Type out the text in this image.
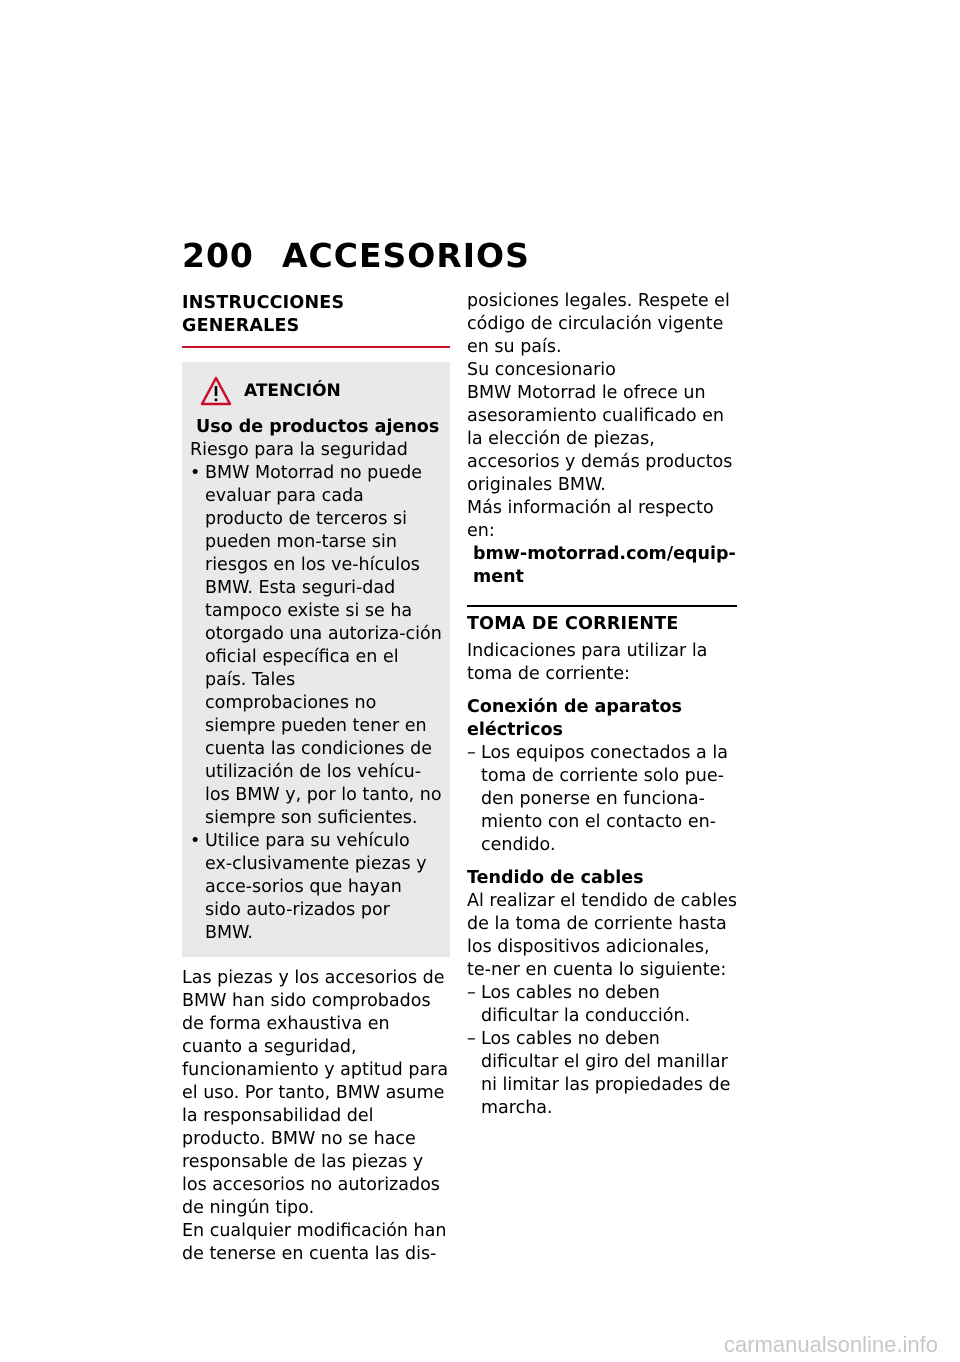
200 ACCESORIOS
INSTRUCCIONES GENERALES
ATENCIÓN
Uso de productos ajenos
Riesgo para la seguridad
• BMW Motorrad no puede evaluar para cada producto de terceros si pueden mon-tarse sin riesgos en los ve-hículos BMW. Esta seguri-dad tampoco existe si se ha otorgado una autoriza-ción oficial específica en el país. Tales comprobaciones no siempre pueden tener en cuenta las condiciones de utilización de los vehícu-los BMW y, por lo tanto, no siempre son suficientes.
• Utilice para su vehículo ex-clusivamente piezas y acce-sorios que hayan sido auto-rizados por BMW.
Las piezas y los accesorios de BMW han sido comprobados de forma exhaustiva en cuanto a seguridad, funcionamiento y aptitud para el uso. Por tanto, BMW asume la responsabilidad del producto. BMW no se hace responsable de las piezas y los accesorios no autorizados de ningún tipo.
En cualquier modificación han de tenerse en cuenta las dis-
posiciones legales. Respete el código de circulación vigente en su país.
Su concesionario
BMW Motorrad le ofrece un asesoramiento cualificado en la elección de piezas, accesorios y demás productos originales BMW.
Más información al respecto en:
bmw-motorrad.com/equip-ment
TOMA DE CORRIENTE
Indicaciones para utilizar la toma de corriente:
Conexión de aparatos eléctricos
– Los equipos conectados a la toma de corriente solo pue-den ponerse en funciona-miento con el contacto en-cendido.
Tendido de cables
Al realizar el tendido de cables de la toma de corriente hasta los dispositivos adicionales, te-ner en cuenta lo siguiente:
– Los cables no deben dificultar la conducción.
– Los cables no deben dificultar el giro del manillar ni limitar las propiedades de marcha.
carmanualsonline.info
